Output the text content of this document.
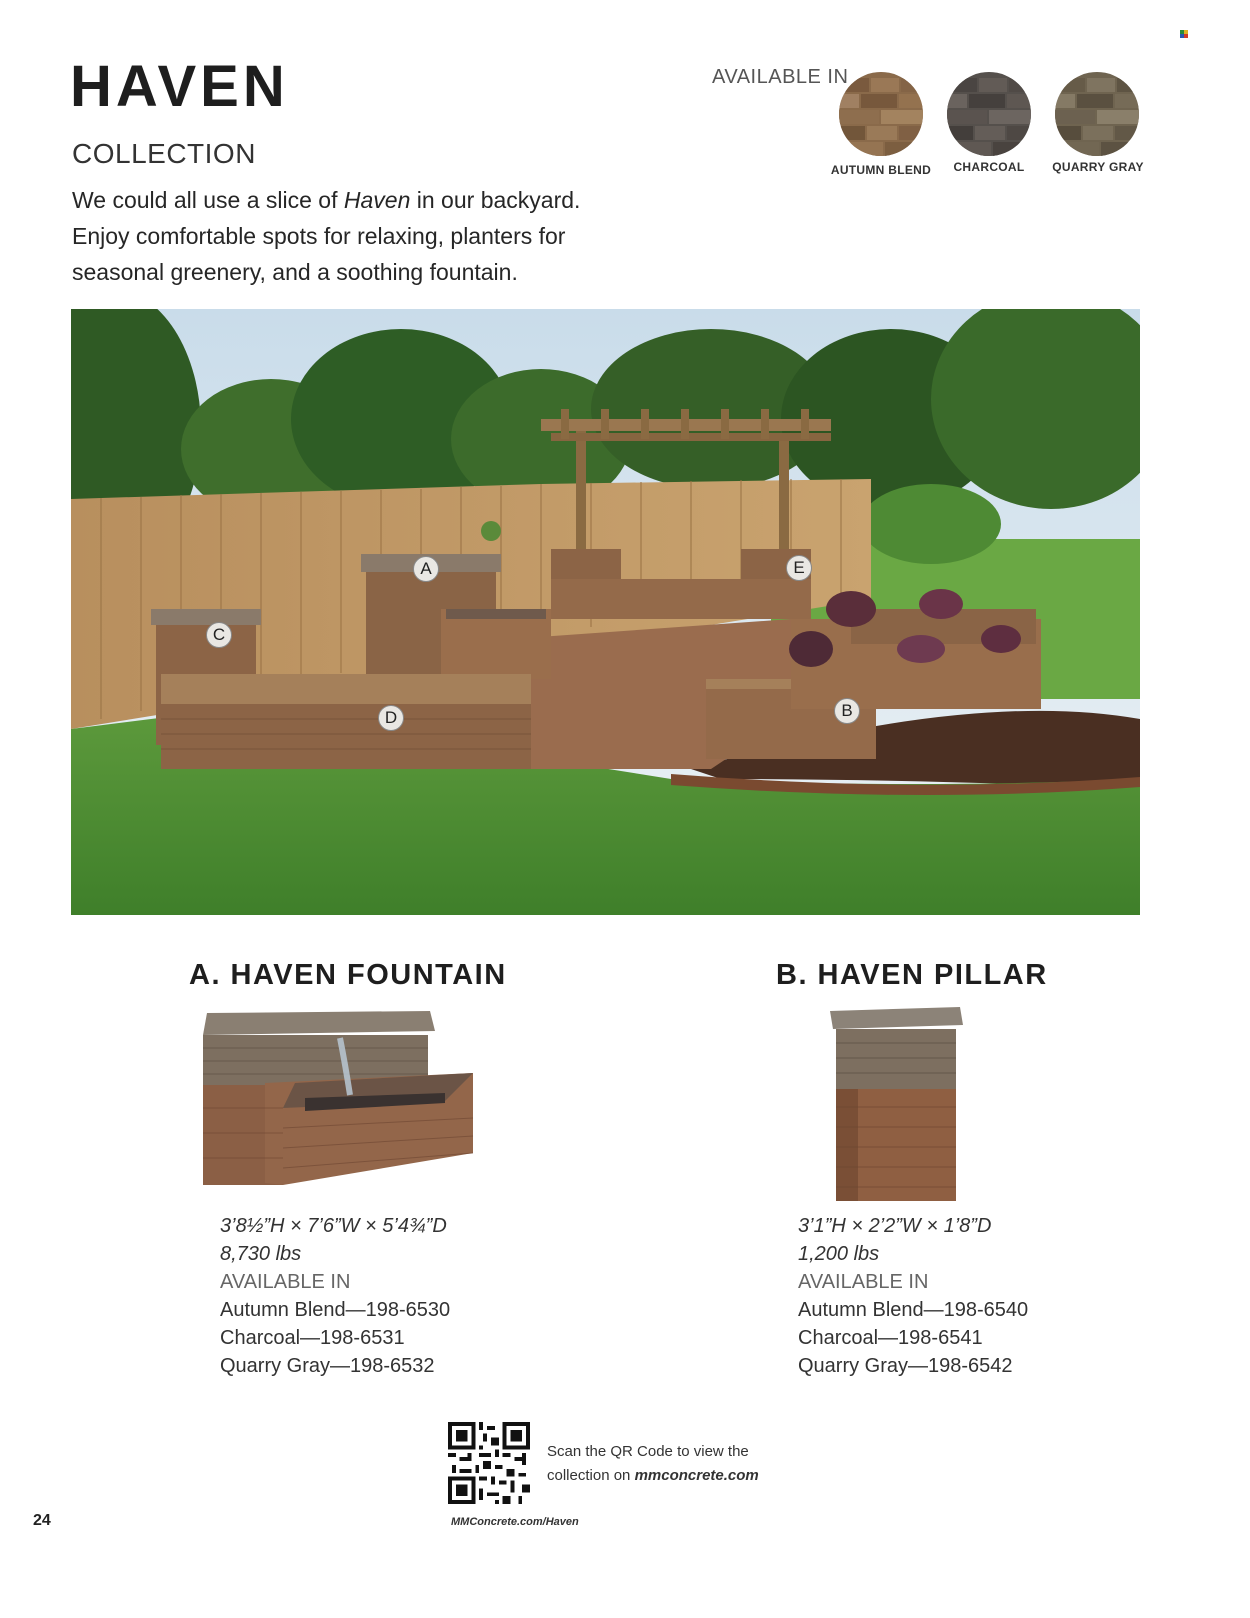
HAVEN
COLLECTION
We could all use a slice of Haven in our backyard. Enjoy comfortable spots for relaxing, planters for seasonal greenery, and a soothing fountain.
AVAILABLE IN
AUTUMN BLEND	CHARCOAL	QUARRY GRAY
A
B
C
D
E
A. HAVEN FOUNTAIN
3’8½”H × 7’6”W × 5’4¾”D
8,730 lbs
AVAILABLE IN
Autumn Blend—198-6530
Charcoal—198-6531
Quarry Gray—198-6532
B. HAVEN PILLAR
3’1”H × 2’2”W × 1’8”D
1,200 lbs
AVAILABLE IN
Autumn Blend—198-6540
Charcoal—198-6541
Quarry Gray—198-6542
Scan the QR Code to view the
collection on mmconcrete.com
24	MMConcrete.com/Haven
